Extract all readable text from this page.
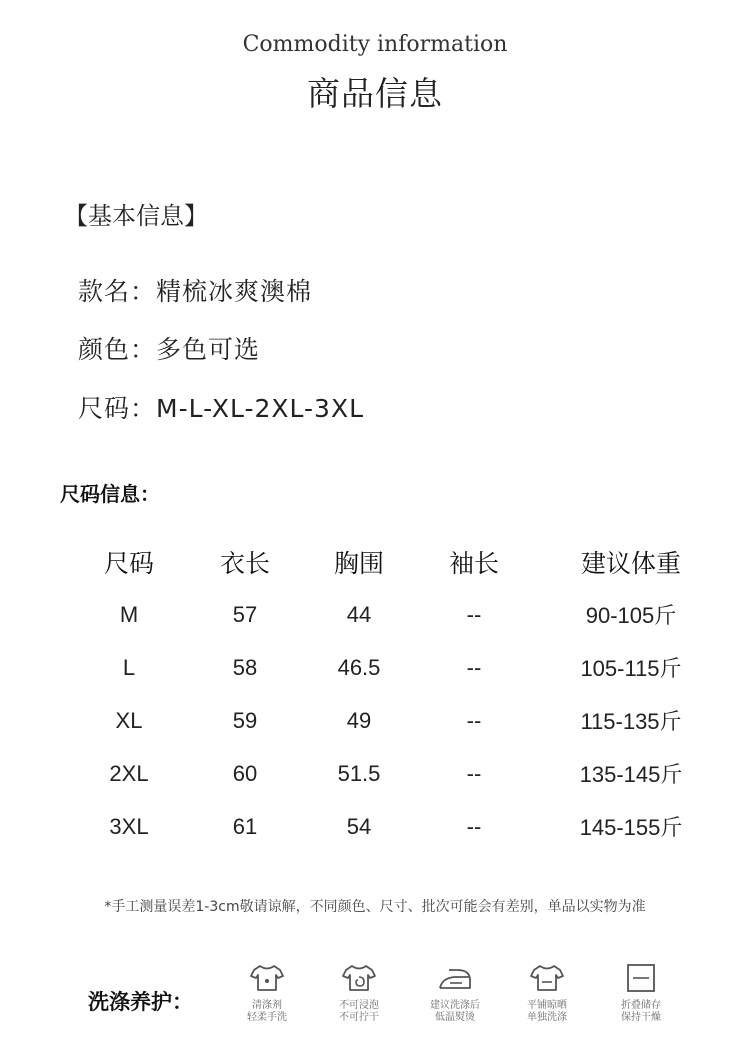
Commodity information
商品信息
【基本信息】
款名：精梳冰爽澳棉
颜色：多色可选
尺码：M-L-XL-2XL-3XL
尺码信息：
尺码	衣长	胸围	袖长	建议体重
M	57	44	--	90-105斤
L	58	46.5	--	105-115斤
XL	59	49	--	115-135斤
2XL	60	51.5	--	135-145斤
3XL	61	54	--	145-155斤
*手工测量误差1-3cm敬请谅解，不同颜色、尺寸、批次可能会有差别，单品以实物为准
洗涤养护：	清涤剂
轻柔手洗
不可浸泡
不可拧干
建议洗涤后
低温熨烫
平铺晾晒
单独洗涤
折叠储存
保持干燥
